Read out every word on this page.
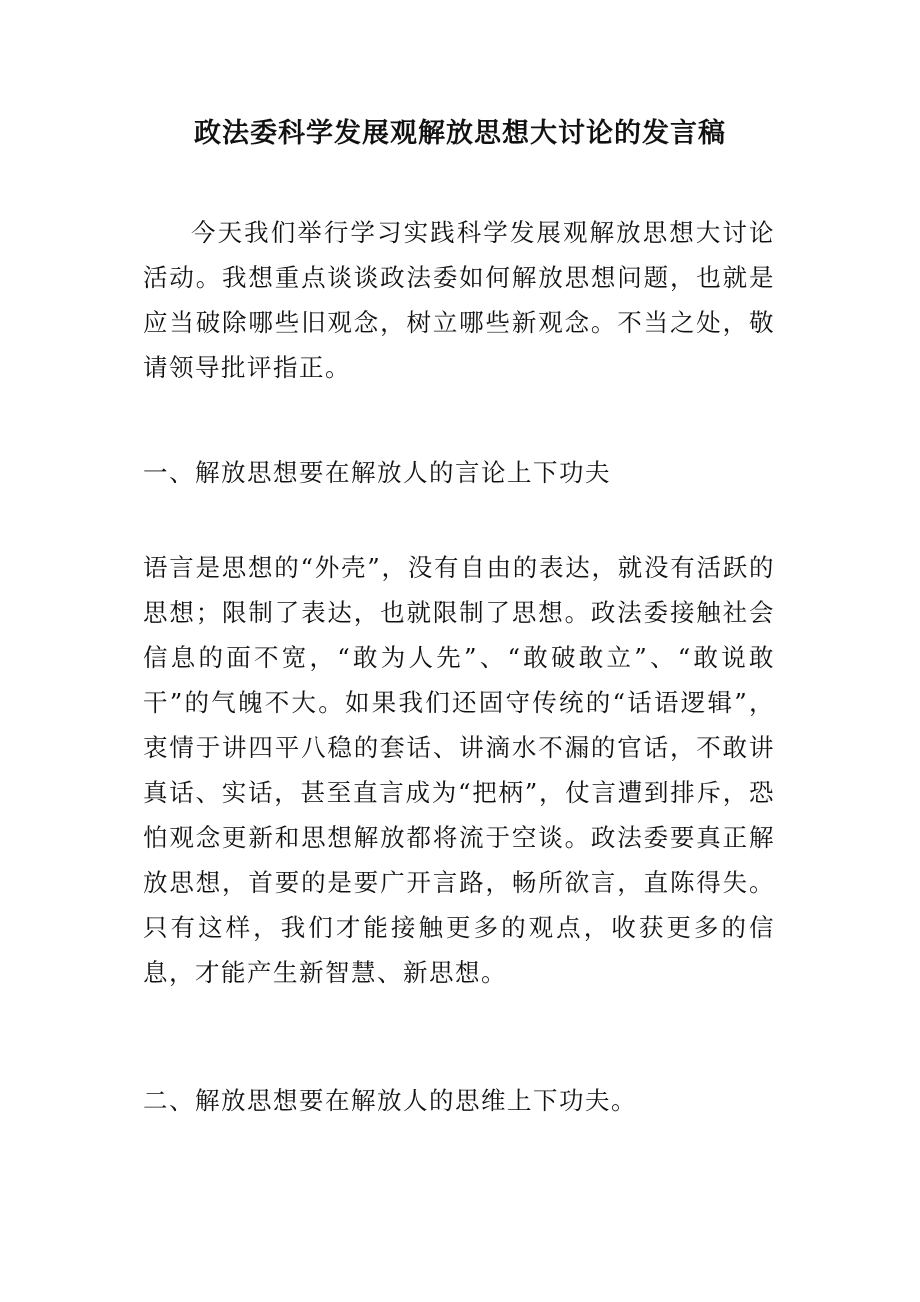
政法委科学发展观解放思想大讨论的发言稿

今天我们举行学习实践科学发展观解放思想大讨论活动。我想重点谈谈政法委如何解放思想问题，也就是应当破除哪些旧观念，树立哪些新观念。不当之处，敬请领导批评指正。

一、解放思想要在解放人的言论上下功夫

语言是思想的“外壳”，没有自由的表达，就没有活跃的思想；限制了表达，也就限制了思想。政法委接触社会信息的面不宽，“敢为人先”、“敢破敢立”、“敢说敢干”的气魄不大。如果我们还固守传统的“话语逻辑”，衷情于讲四平八稳的套话、讲滴水不漏的官话，不敢讲真话、实话，甚至直言成为“把柄”，仗言遭到排斥，恐怕观念更新和思想解放都将流于空谈。政法委要真正解放思想，首要的是要广开言路，畅所欲言，直陈得失。只有这样，我们才能接触更多的观点，收获更多的信息，才能产生新智慧、新思想。

二、解放思想要在解放人的思维上下功夫。
